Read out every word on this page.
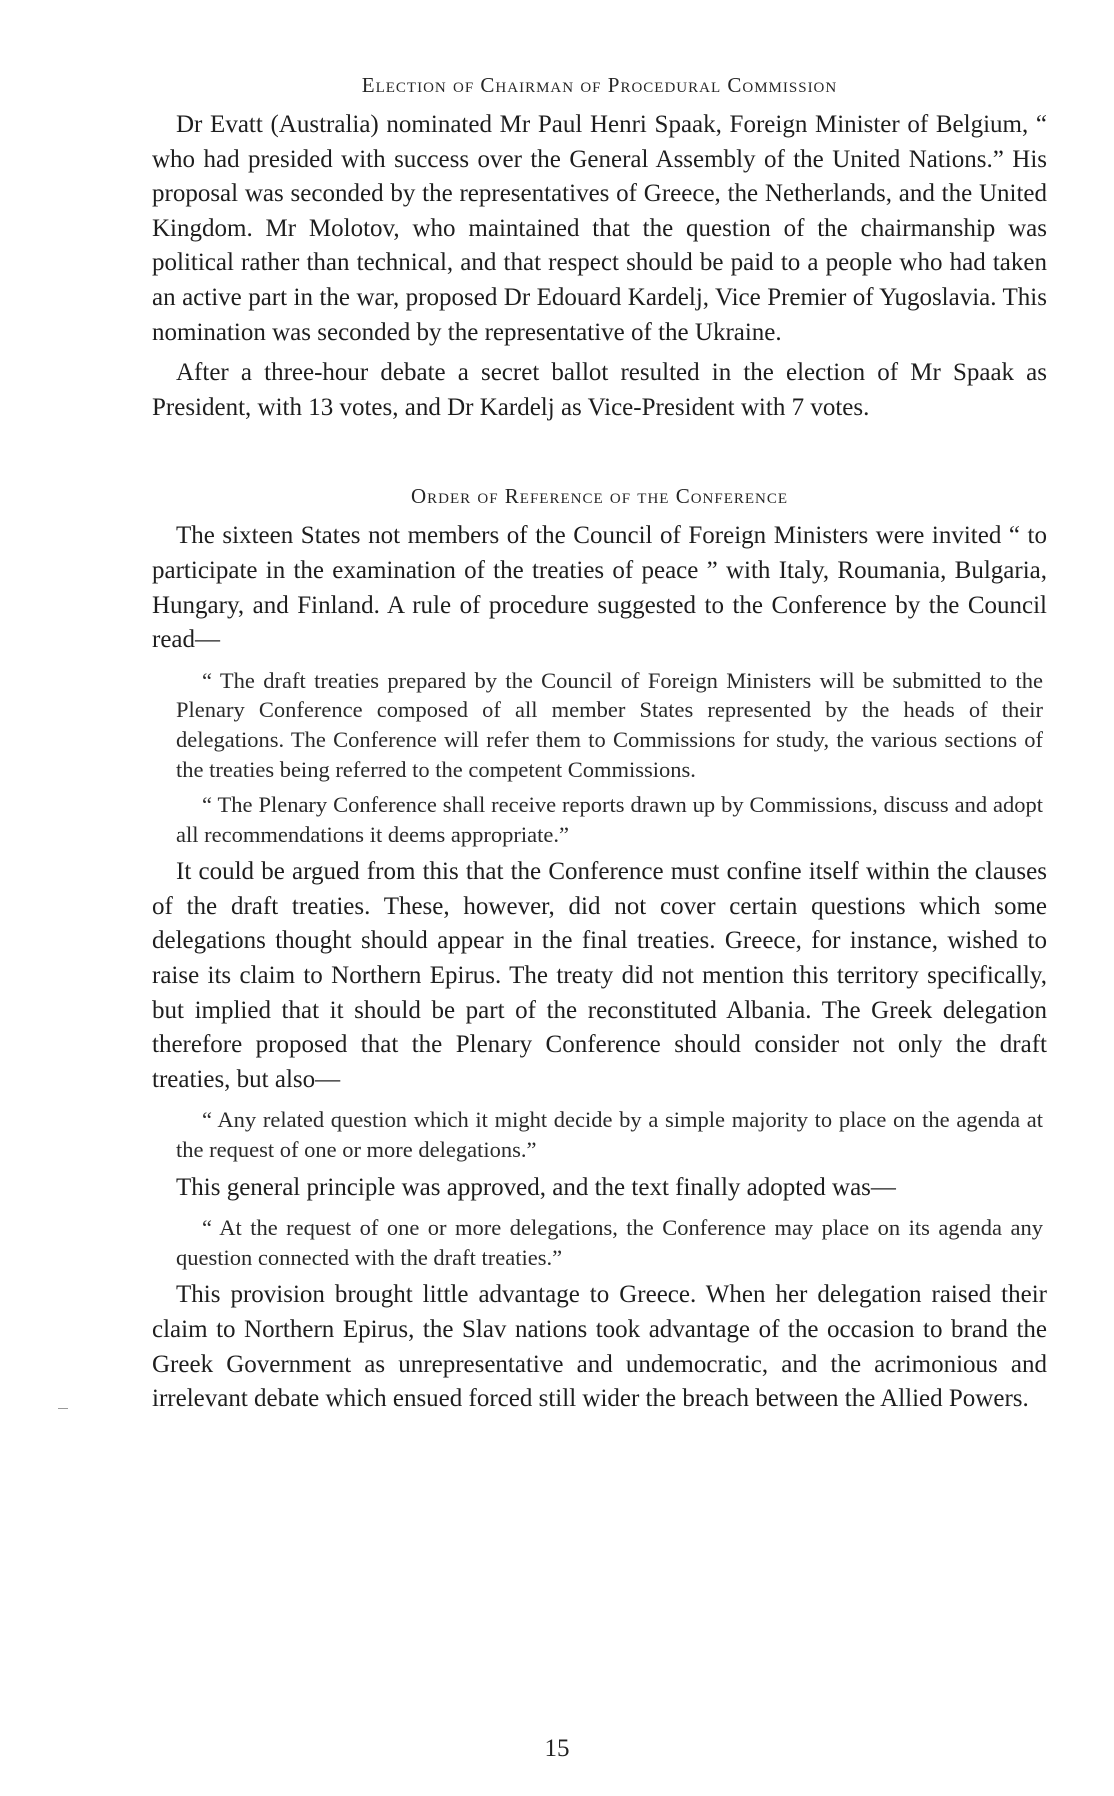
Election of Chairman of Procedural Commission

Dr Evatt (Australia) nominated Mr Paul Henri Spaak, Foreign Minister of Belgium, “ who had presided with success over the General Assembly of the United Nations.” His proposal was seconded by the representatives of Greece, the Netherlands, and the United Kingdom. Mr Molotov, who maintained that the question of the chairmanship was political rather than technical, and that respect should be paid to a people who had taken an active part in the war, proposed Dr Edouard Kardelj, Vice Premier of Yugoslavia. This nomination was seconded by the representative of the Ukraine.

After a three-hour debate a secret ballot resulted in the election of Mr Spaak as President, with 13 votes, and Dr Kardelj as Vice-President with 7 votes.

Order of Reference of the Conference

The sixteen States not members of the Council of Foreign Ministers were invited “ to participate in the examination of the treaties of peace ” with Italy, Roumania, Bulgaria, Hungary, and Finland. A rule of procedure suggested to the Conference by the Council read—

“ The draft treaties prepared by the Council of Foreign Ministers will be submitted to the Plenary Conference composed of all member States represented by the heads of their delegations. The Conference will refer them to Commissions for study, the various sections of the treaties being referred to the competent Commissions.
“ The Plenary Conference shall receive reports drawn up by Commissions, discuss and adopt all recommendations it deems appropriate.”

It could be argued from this that the Conference must confine itself within the clauses of the draft treaties. These, however, did not cover certain questions which some delegations thought should appear in the final treaties. Greece, for instance, wished to raise its claim to Northern Epirus. The treaty did not mention this territory specifically, but implied that it should be part of the reconstituted Albania. The Greek delegation therefore proposed that the Plenary Conference should consider not only the draft treaties, but also—

“ Any related question which it might decide by a simple majority to place on the agenda at the request of one or more delegations.”

This general principle was approved, and the text finally adopted was—

“ At the request of one or more delegations, the Conference may place on its agenda any question connected with the draft treaties.”

This provision brought little advantage to Greece. When her delegation raised their claim to Northern Epirus, the Slav nations took advantage of the occasion to brand the Greek Government as unrepresentative and undemocratic, and the acrimonious and irrelevant debate which ensued forced still wider the breach between the Allied Powers.

15
